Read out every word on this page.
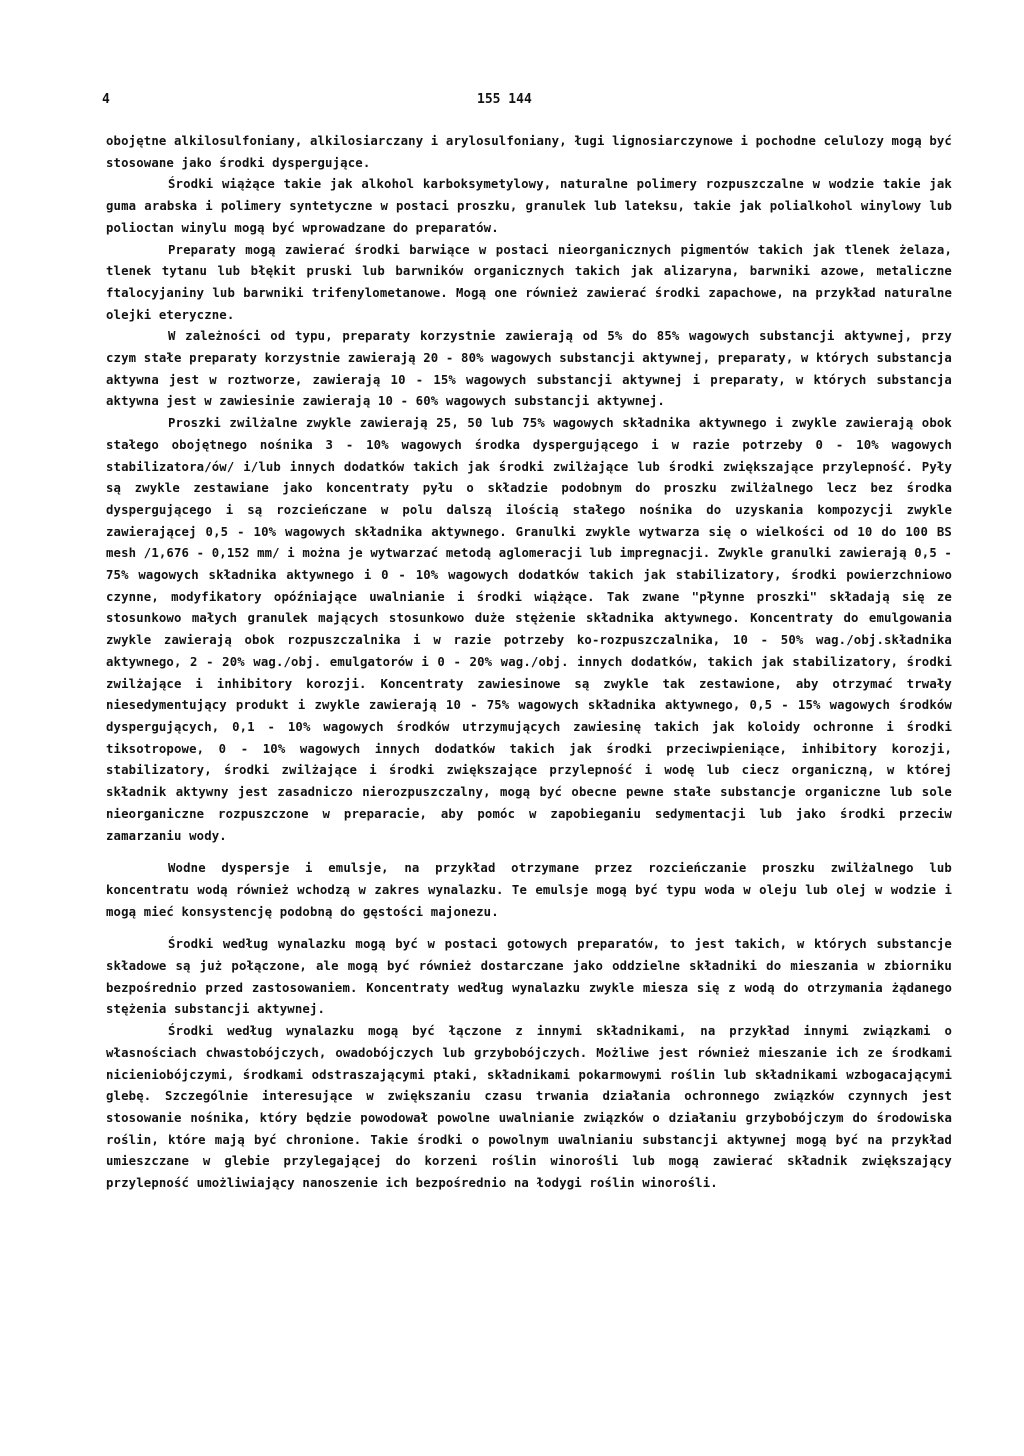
4	155 144

obojętne alkilosulfoniany, alkilosiarczany i arylosulfoniany, ługi lignosiarczynowe i pochodne celulozy mogą być stosowane jako środki dyspergujące.

Środki wiążące takie jak alkohol karboksymetylowy, naturalne polimery rozpuszczalne w wodzie takie jak guma arabska i polimery syntetyczne w postaci proszku, granulek lub lateksu, takie jak polialkohol winylowy lub polioctan winylu mogą być wprowadzane do preparatów.

Preparaty mogą zawierać środki barwiące w postaci nieorganicznych pigmentów takich jak tlenek żelaza, tlenek tytanu lub błękit pruski lub barwników organicznych takich jak alizaryna, barwniki azowe, metaliczne ftalocyjaniny lub barwniki trifenylometanowe. Mogą one również zawierać środki zapachowe, na przykład naturalne olejki eteryczne.

W zależności od typu, preparaty korzystnie zawierają od 5% do 85% wagowych substancji aktywnej, przy czym stałe preparaty korzystnie zawierają 20 - 80% wagowych substancji aktywnej, preparaty, w których substancja aktywna jest w roztworze, zawierają 10 - 15% wagowych substancji aktywnej i preparaty, w których substancja aktywna jest w zawiesinie zawierają 10 - 60% wagowych substancji aktywnej.

Proszki zwilżalne zwykle zawierają 25, 50 lub 75% wagowych składnika aktywnego i zwykle zawierają obok stałego obojętnego nośnika 3 - 10% wagowych środka dyspergującego i w razie potrzeby 0 - 10% wagowych stabilizatora/ów/ i/lub innych dodatków takich jak środki zwilżające lub środki zwiększające przylepność. Pyły są zwykle zestawiane jako koncentraty pyłu o składzie podobnym do proszku zwilżalnego lecz bez środka dyspergującego i są rozcieńczane w polu dalszą ilością stałego nośnika do uzyskania kompozycji zwykle zawierającej 0,5 - 10% wagowych składnika aktywnego. Granulki zwykle wytwarza się o wielkości od 10 do 100 BS mesh /1,676 - 0,152 mm/ i można je wytwarzać metodą aglomeracji lub impregnacji. Zwykle granulki zawierają 0,5 - 75% wagowych składnika aktywnego i 0 - 10% wagowych dodatków takich jak stabilizatory, środki powierzchniowo czynne, modyfikatory opóźniające uwalnianie i środki wiążące. Tak zwane "płynne proszki" składają się ze stosunkowo małych granulek mających stosunkowo duże stężenie składnika aktywnego. Koncentraty do emulgowania zwykle zawierają obok rozpuszczalnika i w razie potrzeby ko-rozpuszczalnika, 10 - 50% wag./obj.składnika aktywnego, 2 - 20% wag./obj. emulgatorów i 0 - 20% wag./obj. innych dodatków, takich jak stabilizatory, środki zwilżające i inhibitory korozji. Koncentraty zawiesinowe są zwykle tak zestawione, aby otrzymać trwały niesedymentujący produkt i zwykle zawierają 10 - 75% wagowych składnika aktywnego, 0,5 - 15% wagowych środków dyspergujących, 0,1 - 10% wagowych środków utrzymujących zawiesinę takich jak koloidy ochronne i środki tiksotropowe, 0 - 10% wagowych innych dodatków takich jak środki przeciwpieniące, inhibitory korozji, stabilizatory, środki zwilżające i środki zwiększające przylepność i wodę lub ciecz organiczną, w której składnik aktywny jest zasadniczo nierozpuszczalny, mogą być obecne pewne stałe substancje organiczne lub sole nieorganiczne rozpuszczone w preparacie, aby pomóc w zapobieganiu sedymentacji lub jako środki przeciw zamarzaniu wody.

Wodne dyspersje i emulsje, na przykład otrzymane przez rozcieńczanie proszku zwilżalnego lub koncentratu wodą również wchodzą w zakres wynalazku. Te emulsje mogą być typu woda w oleju lub olej w wodzie i mogą mieć konsystencję podobną do gęstości majonezu.

Środki według wynalazku mogą być w postaci gotowych preparatów, to jest takich, w których substancje składowe są już połączone, ale mogą być również dostarczane jako oddzielne składniki do mieszania w zbiorniku bezpośrednio przed zastosowaniem. Koncentraty według wynalazku zwykle miesza się z wodą do otrzymania żądanego stężenia substancji aktywnej.

Środki według wynalazku mogą być łączone z innymi składnikami, na przykład innymi związkami o własnościach chwastobójczych, owadobójczych lub grzybobójczych. Możliwe jest również mieszanie ich ze środkami nicieniobójczymi, środkami odstraszającymi ptaki, składnikami pokarmowymi roślin lub składnikami wzbogacającymi glebę. Szczególnie interesujące w zwiększaniu czasu trwania działania ochronnego związków czynnych jest stosowanie nośnika, który będzie powodował powolne uwalnianie związków o działaniu grzybobójczym do środowiska roślin, które mają być chronione. Takie środki o powolnym uwalnianiu substancji aktywnej mogą być na przykład umieszczane w glebie przylegającej do korzeni roślin winorośli lub mogą zawierać składnik zwiększający przylepność umożliwiający nanoszenie ich bezpośrednio na łodygi roślin winorośli.
